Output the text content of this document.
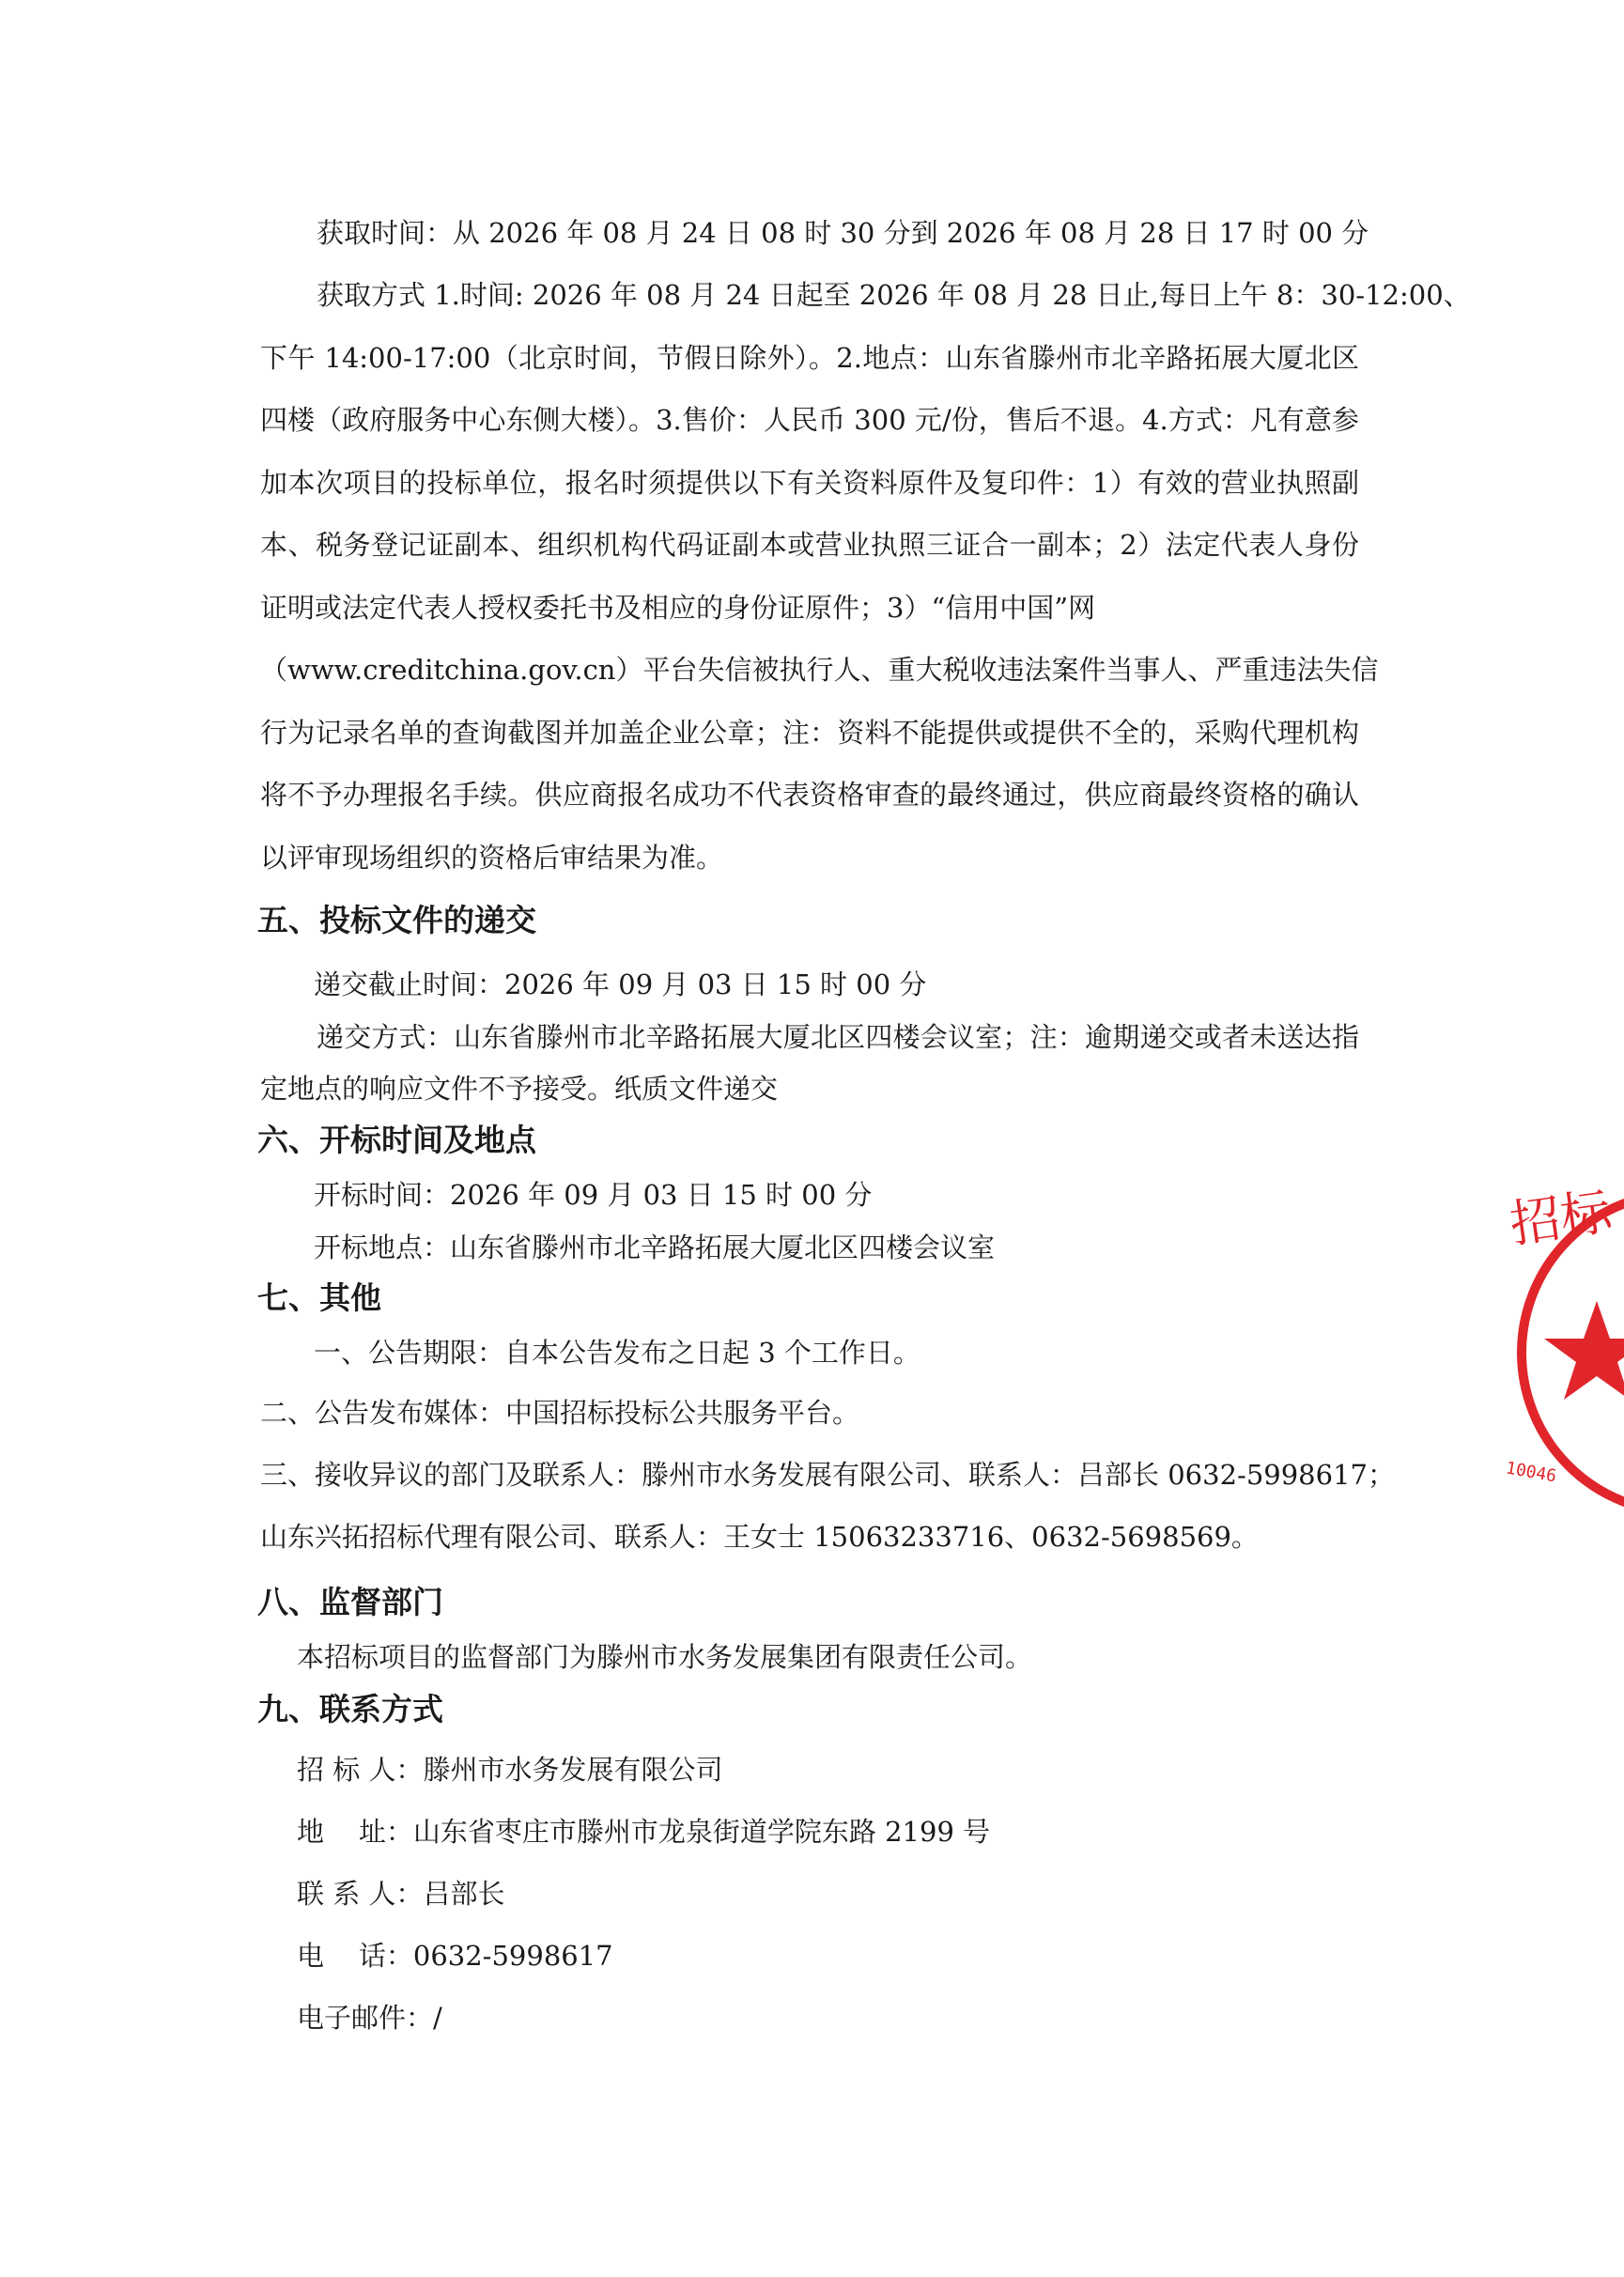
获取时间：从 2026 年 08 月 24 日 08 时 30 分到 2026 年 08 月 28 日 17 时 00 分
获取方式 1.时间: 2026 年 08 月 24 日起至 2026 年 08 月 28 日止,每日上午 8：30-12:00、
下午 14:00-17:00（北京时间，节假日除外）。2.地点：山东省滕州市北辛路拓展大厦北区
四楼（政府服务中心东侧大楼）。3.售价：人民币 300 元/份，售后不退。4.方式：凡有意参
加本次项目的投标单位，报名时须提供以下有关资料原件及复印件：1）有效的营业执照副
本、税务登记证副本、组织机构代码证副本或营业执照三证合一副本；2）法定代表人身份
证明或法定代表人授权委托书及相应的身份证原件；3）“信用中国”网
（www.creditchina.gov.cn）平台失信被执行人、重大税收违法案件当事人、严重违法失信
行为记录名单的查询截图并加盖企业公章；注：资料不能提供或提供不全的，采购代理机构
将不予办理报名手续。供应商报名成功不代表资格审查的最终通过，供应商最终资格的确认
以评审现场组织的资格后审结果为准。
五、投标文件的递交
递交截止时间：2026 年 09 月 03 日 15 时 00 分
递交方式：山东省滕州市北辛路拓展大厦北区四楼会议室；注：逾期递交或者未送达指
定地点的响应文件不予接受。纸质文件递交
六、开标时间及地点
开标时间：2026 年 09 月 03 日 15 时 00 分
开标地点：山东省滕州市北辛路拓展大厦北区四楼会议室
七、其他
一、公告期限：自本公告发布之日起 3 个工作日。
二、公告发布媒体：中国招标投标公共服务平台。
三、接收异议的部门及联系人：滕州市水务发展有限公司、联系人：吕部长 0632-5998617；
山东兴拓招标代理有限公司、联系人：王女士 15063233716、0632-5698569。
八、监督部门
本招标项目的监督部门为滕州市水务发展集团有限责任公司。
九、联系方式
招 标 人：滕州市水务发展有限公司
地    址：山东省枣庄市滕州市龙泉街道学院东路 2199 号
联 系 人：吕部长
电    话：0632-5998617
电子邮件：/
招标
10046
